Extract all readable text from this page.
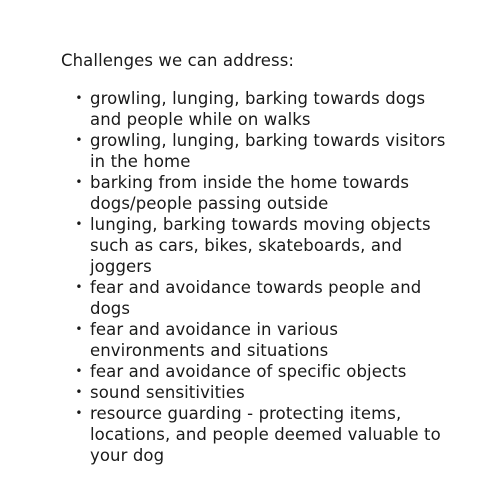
Challenges we can address:

• growling, lunging, barking towards dogs and people while on walks
• growling, lunging, barking towards visitors in the home
• barking from inside the home towards dogs/people passing outside
• lunging, barking towards moving objects such as cars, bikes, skateboards, and joggers
• fear and avoidance towards people and dogs
• fear and avoidance in various environments and situations
• fear and avoidance of specific objects
• sound sensitivities
• resource guarding - protecting items, locations, and people deemed valuable to your dog
